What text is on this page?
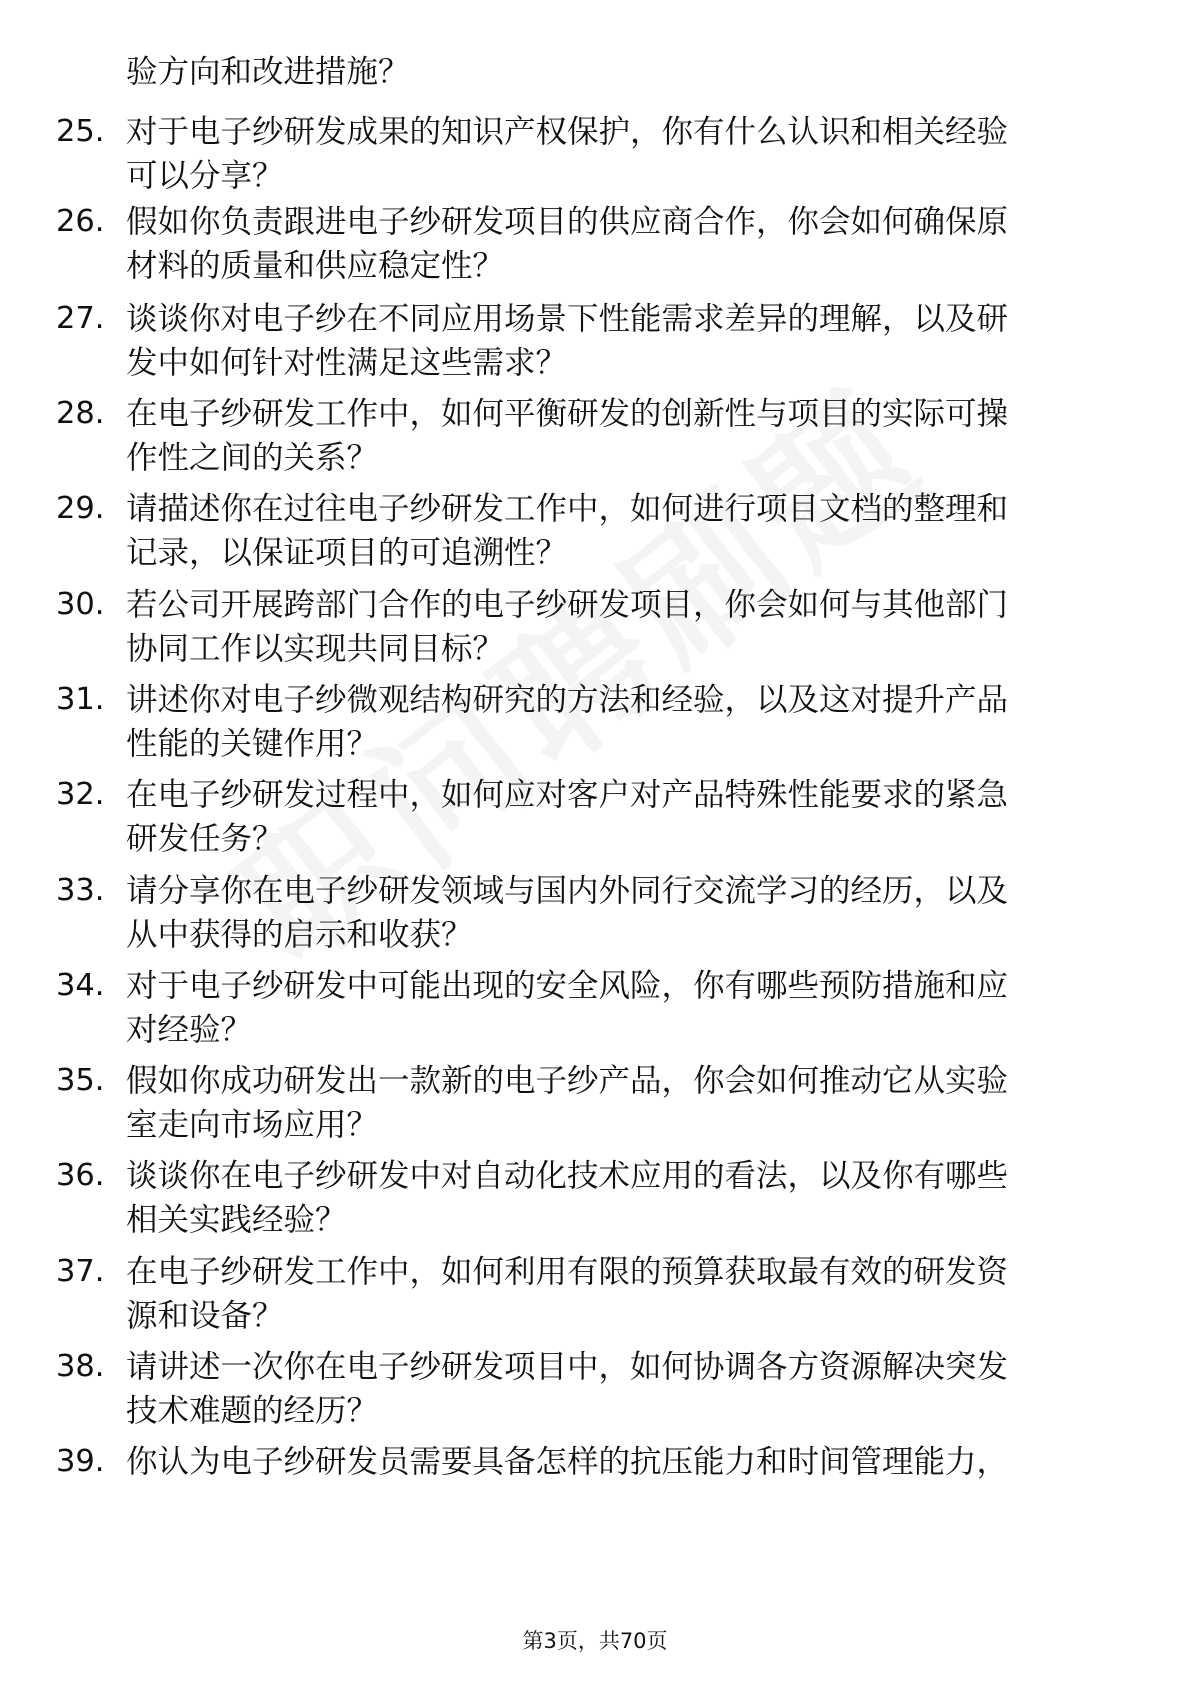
验方向和改进措施？
25. 对于电子纱研发成果的知识产权保护，你有什么认识和相关经验
可以分享？
26. 假如你负责跟进电子纱研发项目的供应商合作，你会如何确保原
材料的质量和供应稳定性？
27. 谈谈你对电子纱在不同应用场景下性能需求差异的理解，以及研
发中如何针对性满足这些需求？
28. 在电子纱研发工作中，如何平衡研发的创新性与项目的实际可操
作性之间的关系？
29. 请描述你在过往电子纱研发工作中，如何进行项目文档的整理和
记录，以保证项目的可追溯性？
30. 若公司开展跨部门合作的电子纱研发项目，你会如何与其他部门
协同工作以实现共同目标？
31. 讲述你对电子纱微观结构研究的方法和经验，以及这对提升产品
性能的关键作用？
32. 在电子纱研发过程中，如何应对客户对产品特殊性能要求的紧急
研发任务？
33. 请分享你在电子纱研发领域与国内外同行交流学习的经历，以及
从中获得的启示和收获？
34. 对于电子纱研发中可能出现的安全风险，你有哪些预防措施和应
对经验？
35. 假如你成功研发出一款新的电子纱产品，你会如何推动它从实验
室走向市场应用？
36. 谈谈你在电子纱研发中对自动化技术应用的看法，以及你有哪些
相关实践经验？
37. 在电子纱研发工作中，如何利用有限的预算获取最有效的研发资
源和设备？
38. 请讲述一次你在电子纱研发项目中，如何协调各方资源解决突发
技术难题的经历？
39. 你认为电子纱研发员需要具备怎样的抗压能力和时间管理能力，
第3页，共70页
